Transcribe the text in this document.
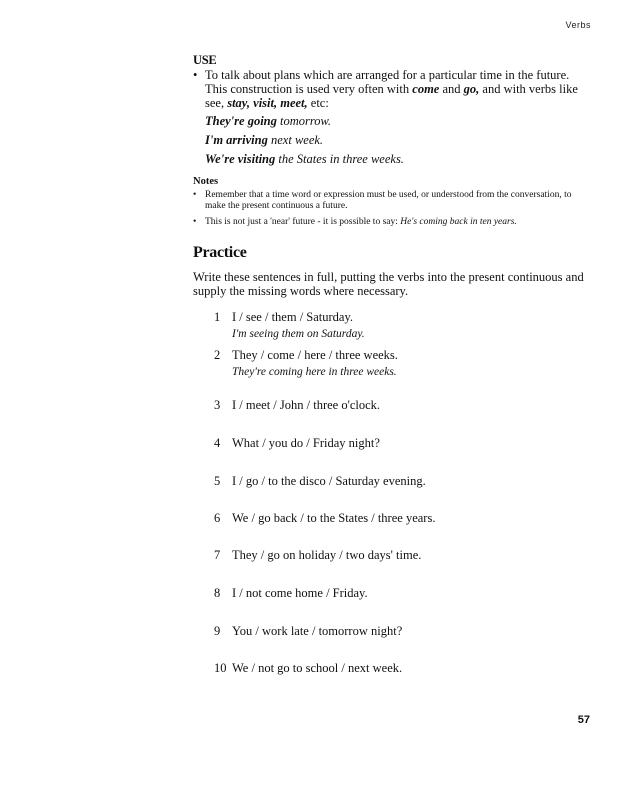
Verbs
USE
• To talk about plans which are arranged for a particular time in the future. This construction is used very often with come and go, and with verbs like see, stay, visit, meet, etc:
They're going tomorrow.
I'm arriving next week.
We're visiting the States in three weeks.
Notes
• Remember that a time word or expression must be used, or understood from the conversation, to make the present continuous a future.
• This is not just a 'near' future - it is possible to say: He's coming back in ten years.
Practice
Write these sentences in full, putting the verbs into the present continuous and supply the missing words where necessary.
1 I / see / them / Saturday.
I'm seeing them on Saturday.
2 They / come / here / three weeks.
They're coming here in three weeks.
3 I / meet / John / three o'clock.
4 What / you do / Friday night?
5 I / go / to the disco / Saturday evening.
6 We / go back / to the States / three years.
7 They / go on holiday / two days' time.
8 I / not come home / Friday.
9 You / work late / tomorrow night?
10 We / not go to school / next week.
57
